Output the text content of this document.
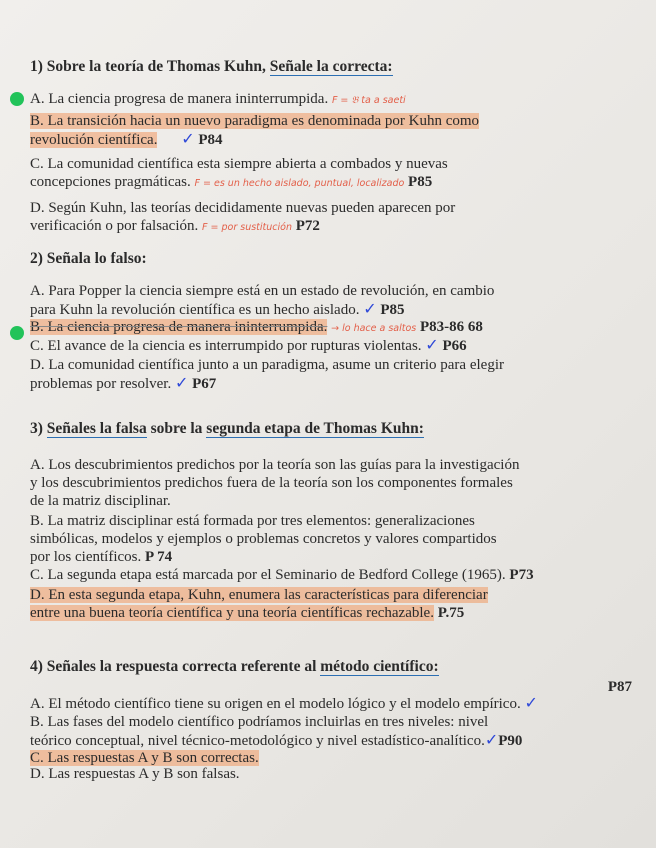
1) Sobre la teoría de Thomas Kuhn, Señale la correcta:

A. La ciencia progresa de manera ininterrumpida. F = 𝔅 ta a saeti

B. La transición hacia un nuevo paradigma es denominada por Kuhn como
revolución científica. ✓ P84

C. La comunidad científica esta siempre abierta a combados y nuevas
concepciones pragmáticas. F = es un hecho aislado, puntual, localizado P85

D. Según Kuhn, las teorías decididamente nuevas pueden aparecen por
verificación o por falsación. F = por sustitución P72

2) Señala lo falso:

A. Para Popper la ciencia siempre está en un estado de revolución, en cambio
para Kuhn la revolución científica es un hecho aislado. ✓ P85

B. La ciencia progresa de manera ininterrumpida. → lo hace a saltos P83-86 68

C. El avance de la ciencia es interrumpido por rupturas violentas. ✓ P66

D. La comunidad científica junto a un paradigma, asume un criterio para elegir
problemas por resolver. ✓ P67

3) Señales la falsa sobre la segunda etapa de Thomas Kuhn:

A. Los descubrimientos predichos por la teoría son las guías para la investigación
y los descubrimientos predichos fuera de la teoría son los componentes formales
de la matriz disciplinar.

B. La matriz disciplinar está formada por tres elementos: generalizaciones
simbólicas, modelos y ejemplos o problemas concretos y valores compartidos
por los científicos. P 74

C. La segunda etapa está marcada por el Seminario de Bedford College (1965). P73

D. En esta segunda etapa, Kuhn, enumera las características para diferenciar
entre una buena teoría científica y una teoría científicas rechazable. P.75

4) Señales la respuesta correcta referente al método científico:

A. El método científico tiene su origen en el modelo lógico y el modelo empírico. ✓
P87

B. Las fases del modelo científico podríamos incluirlas en tres niveles: nivel
teórico conceptual, nivel técnico-metodológico y nivel estadístico-analítico.✓P90

C. Las respuestas A y B son correctas.

D. Las respuestas A y B son falsas.
